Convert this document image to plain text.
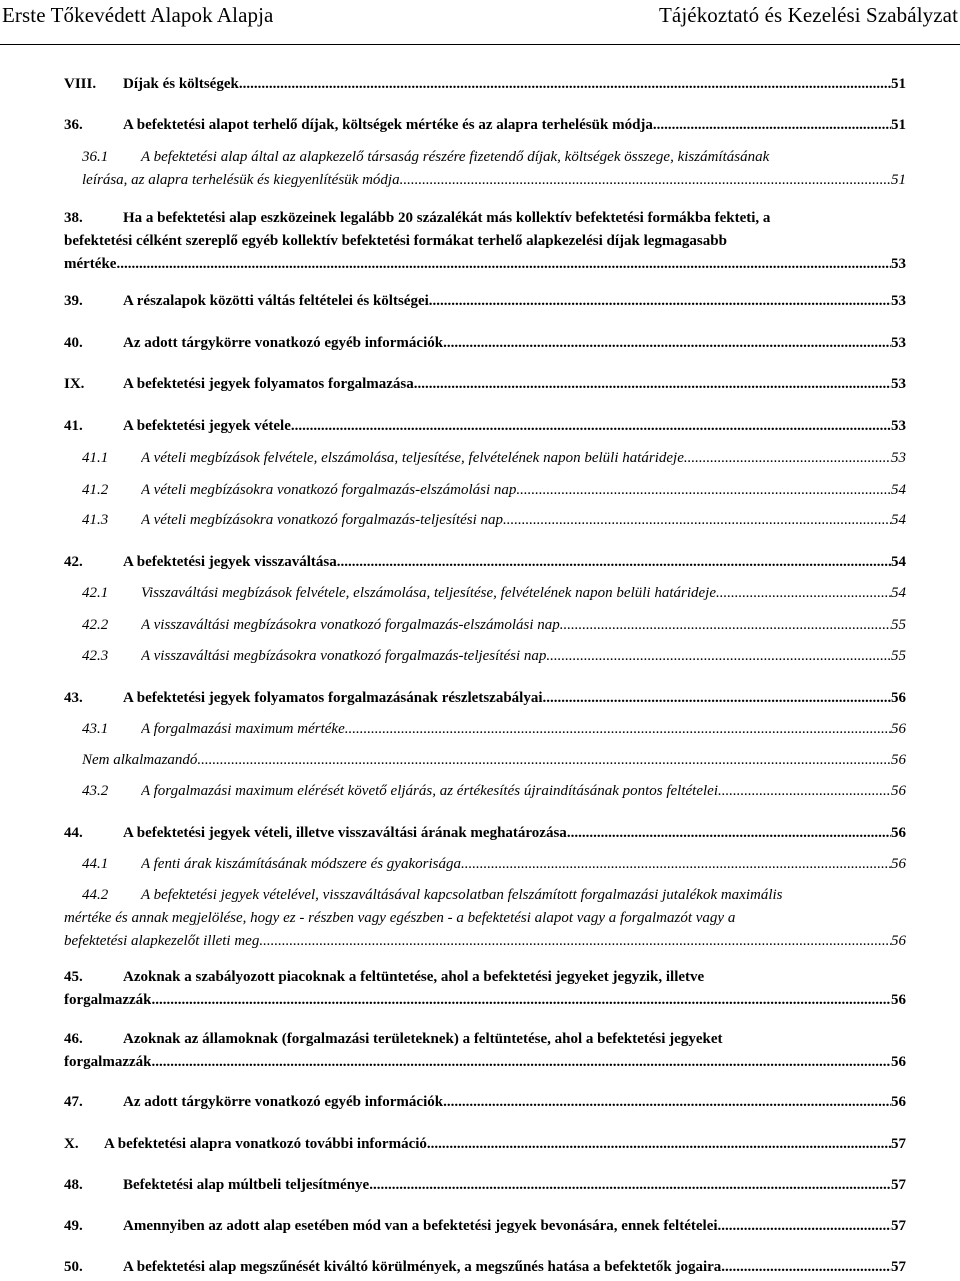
Erste Tőkevédett Alapok Alapja	Tájékoztató és Kezelési Szabályzat
VIII.	Díjak és költségek .....	51
36.	A befektetési alapot terhelő díjak, költségek mértéke és az alapra terhelésük módja .....	51
36.1 A befektetési alap által az alapkezelő társaság részére fizetendő díjak, költségek összege, kiszámításának
leírása, az alapra terhelésük és kiegyenlítésük módja .....	51
38.	Ha a befektetési alap eszközeinek legalább 20 százalékát más kollektív befektetési formákba fekteti, a
befektetési célként szereplő egyéb kollektív befektetési formákat terhelő alapkezelési díjak legmagasabb
mértéke .....	53
39.	A részalapok közötti váltás feltételei és költségei .....	53
40.	Az adott tárgykörre vonatkozó egyéb információk .....	53
IX.	A befektetési jegyek folyamatos forgalmazása .....	53
41.	A befektetési jegyek vétele .....	53
41.1	A vételi megbízások felvétele, elszámolása, teljesítése, felvételének napon belüli határideje .....	53
41.2	A vételi megbízásokra vonatkozó forgalmazás-elszámolási nap .....	54
41.3	A vételi megbízásokra vonatkozó forgalmazás-teljesítési nap .....	54
42.	A befektetési jegyek visszaváltása .....	54
42.1	Visszaváltási megbízások felvétele, elszámolása, teljesítése, felvételének napon belüli határideje .....	54
42.2	A visszaváltási megbízásokra vonatkozó forgalmazás-elszámolási nap .....	55
42.3	A visszaváltási megbízásokra vonatkozó forgalmazás-teljesítési nap .....	55
43.	A befektetési jegyek folyamatos forgalmazásának részletszabályai .....	56
43.1	A forgalmazási maximum mértéke .....	56
Nem alkalmazandó. .....	56
43.2	A forgalmazási maximum elérését követő eljárás, az értékesítés újraindításának pontos feltételei .....	56
44.	A befektetési jegyek vételi, illetve visszaváltási árának meghatározása .....	56
44.1	A fenti árak kiszámításának módszere és gyakorisága .....	56
44.2 A befektetési jegyek vételével, visszaváltásával kapcsolatban felszámított forgalmazási jutalékok maximális
mértéke és annak megjelölése, hogy ez - részben vagy egészben - a befektetési alapot vagy a forgalmazót vagy a
befektetési alapkezelőt illeti meg .....	56
45.	Azoknak a szabályozott piacoknak a feltüntetése, ahol a befektetési jegyeket jegyzik, illetve
forgalmazzák .....	56
46.	Azoknak az államoknak (forgalmazási területeknek) a feltüntetése, ahol a befektetési jegyeket
forgalmazzák .....	56
47.	Az adott tárgykörre vonatkozó egyéb információk .....	56
X.	A befektetési alapra vonatkozó további információ .....	57
48.	Befektetési alap múltbeli teljesítménye .....	57
49.	Amennyiben az adott alap esetében mód van a befektetési jegyek bevonására, ennek feltételei .....	57
50.	A befektetési alap megszűnését kiváltó körülmények, a megszűnés hatása a befektetők jogaira .....	57
